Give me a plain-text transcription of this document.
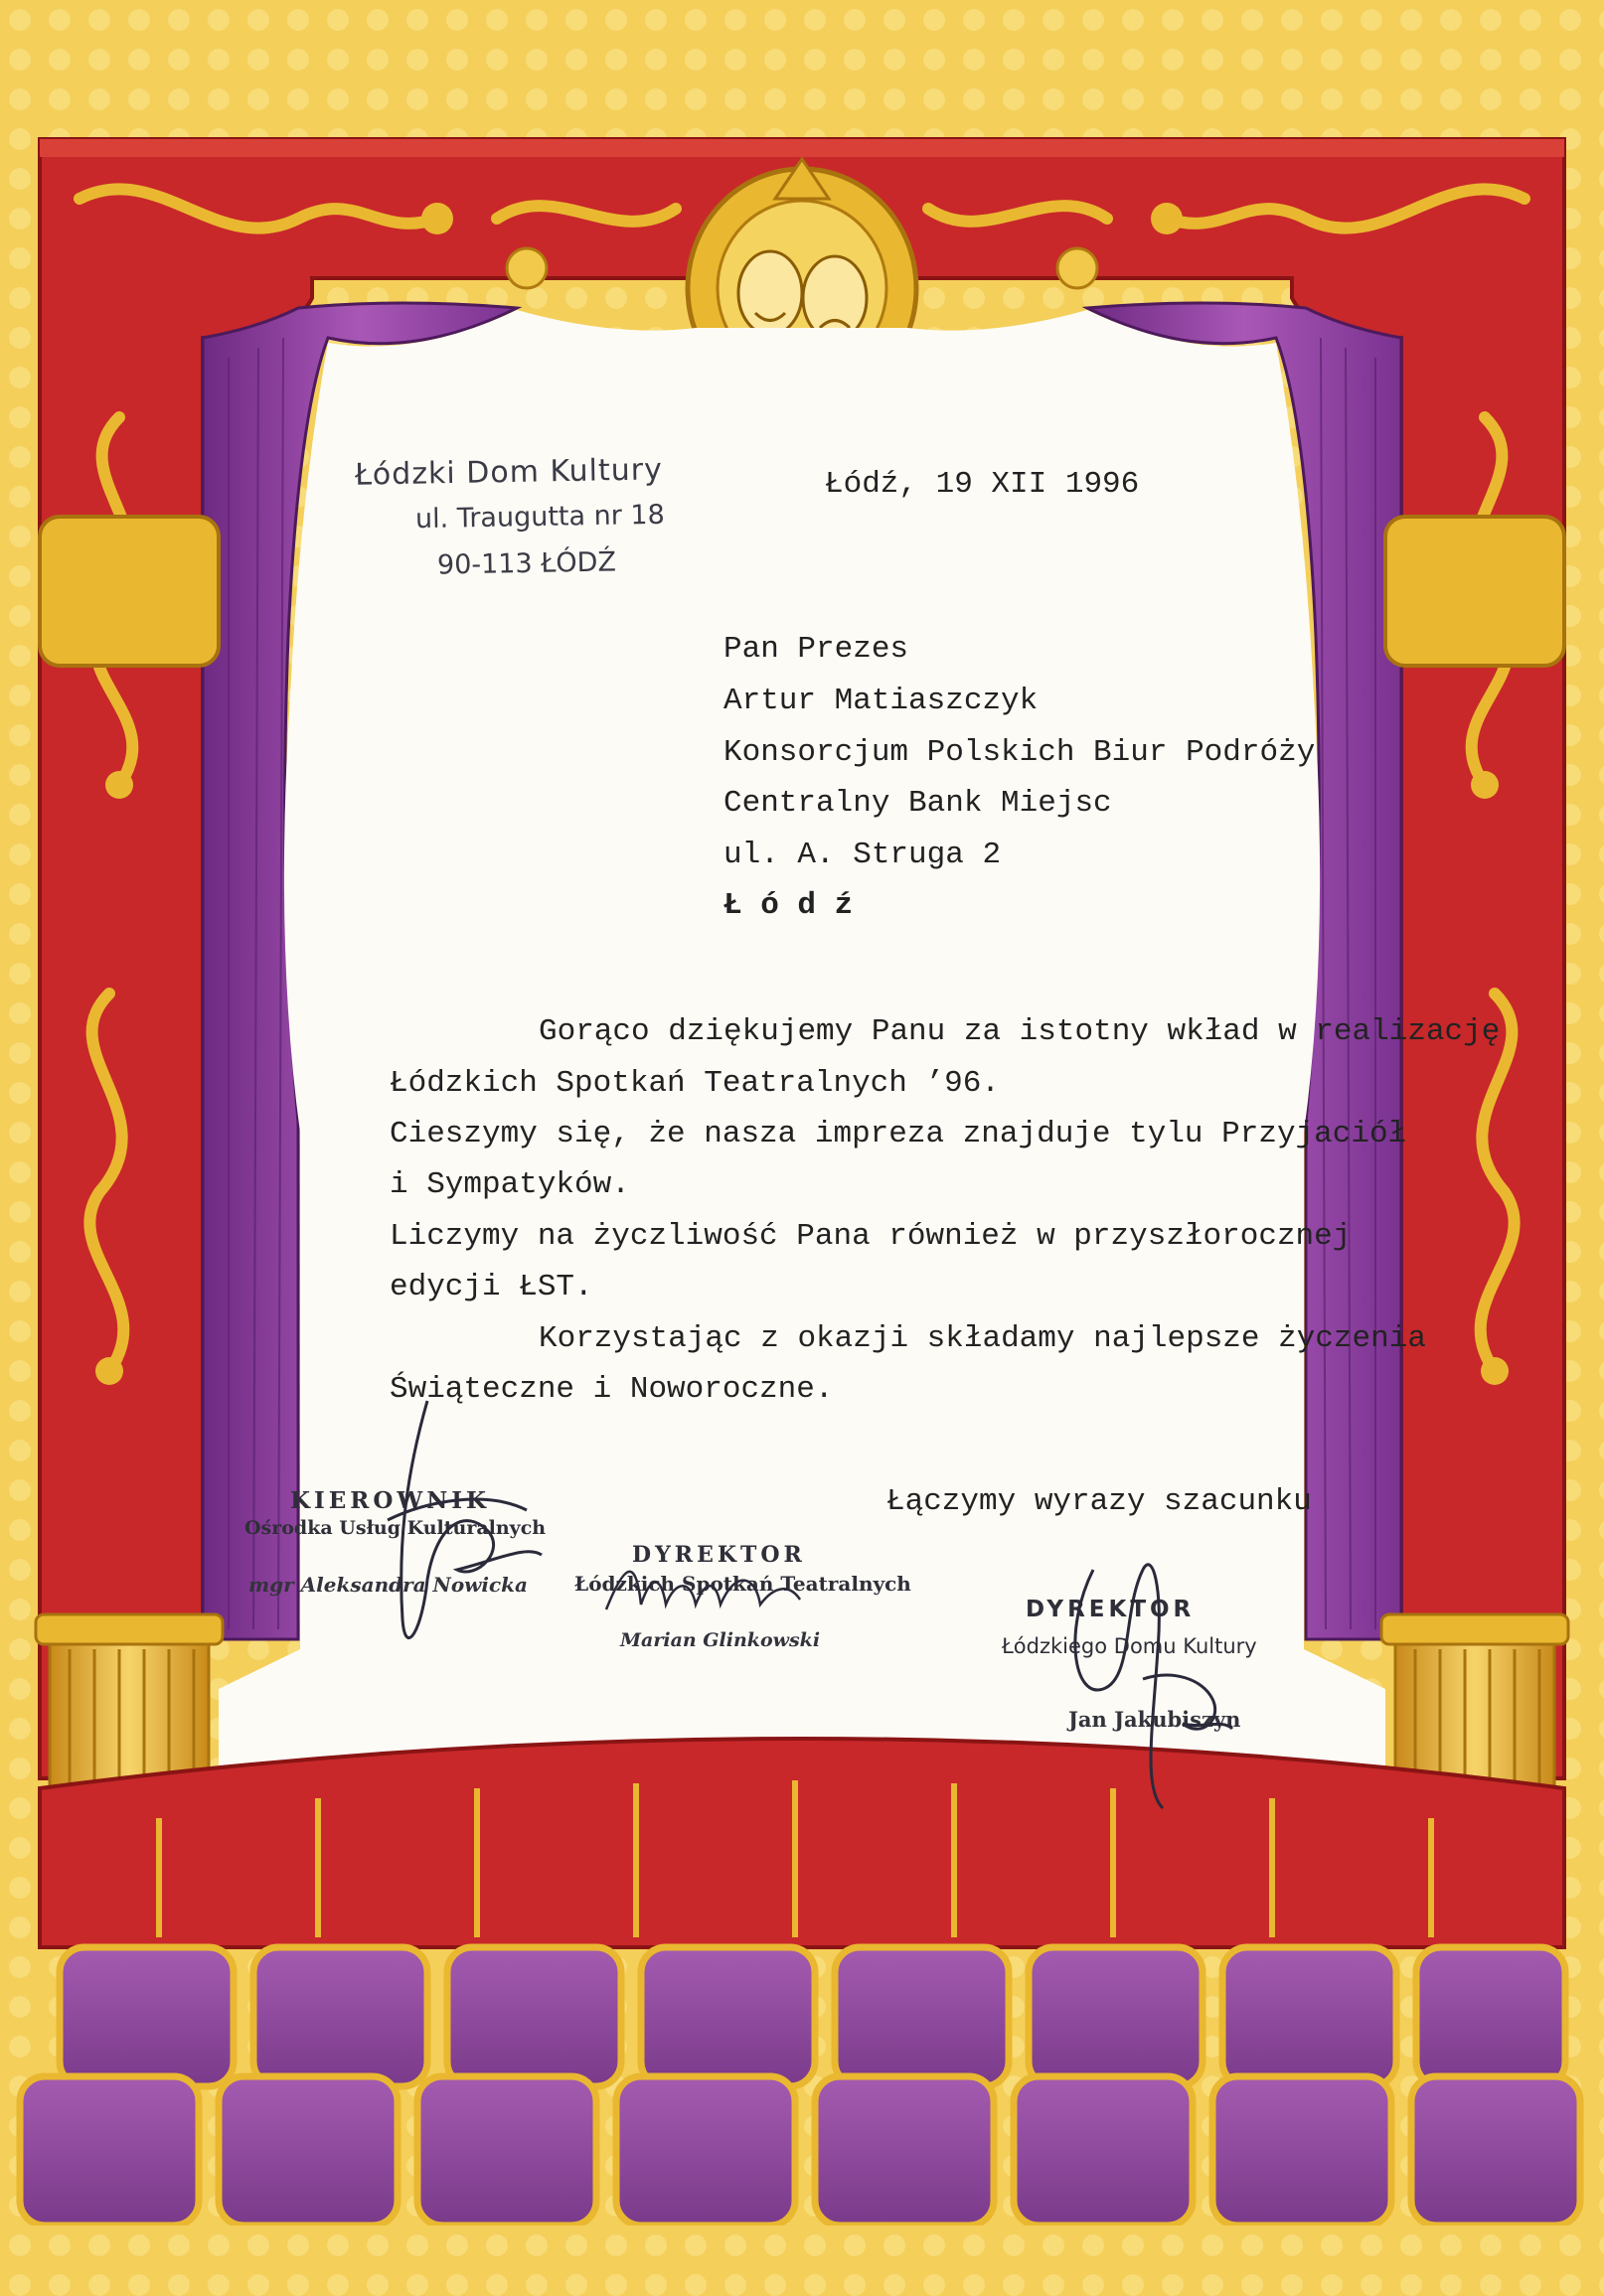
Łódzki Dom Kultury
ul. Traugutta nr 18
90-113 ŁÓDŹ
Łódź, 19 XII 1996
Pan Prezes
Artur Matiaszczyk
Konsorcjum Polskich Biur Podróży
Centralny Bank Miejsc
ul. A. Struga 2
Ł ó d ź
Gorąco dziękujemy Panu za istotny wkład w realizację
Łódzkich Spotkań Teatralnych ’96.
Cieszymy się, że nasza impreza znajduje tylu Przyjaciół
i Sympatyków.
Liczymy na życzliwość Pana również w przyszłorocznej
edycji ŁST.
Korzystając z okazji składamy najlepsze życzenia
Świąteczne i Noworoczne.
Łączymy wyrazy szacunku
KIEROWNIK
Ośrodka Usług Kulturalnych
mgr Aleksandra Nowicka
DYREKTOR
Łódzkich Spotkań Teatralnych
Marian Glinkowski
DYREKTOR
Łódzkiego Domu Kultury
Jan Jakubiszyn
